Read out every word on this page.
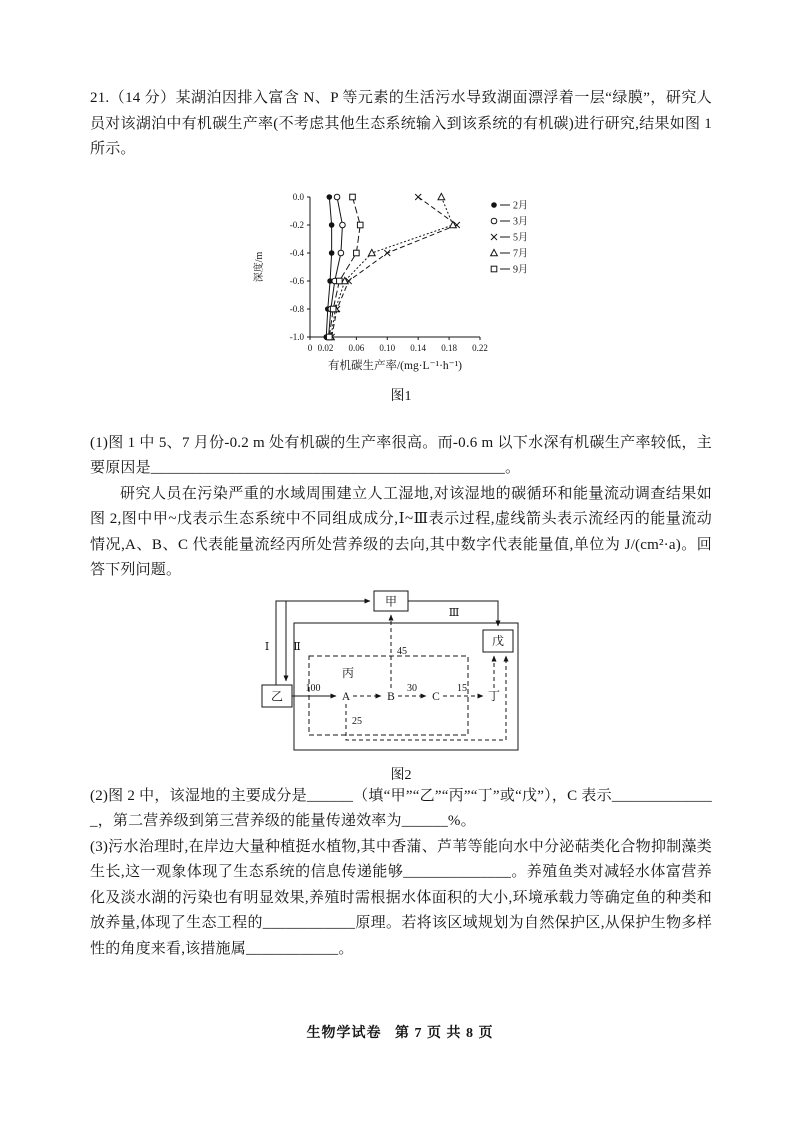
21.（14 分）某湖泊因排入富含 N、P 等元素的生活污水导致湖面漂浮着一层“绿膜”，研究人员对该湖泊中有机碳生产率(不考虑其他生态系统输入到该系统的有机碳)进行研究,结果如图 1 所示。

0.0
-0.2
-0.4
-0.6
-0.8
-1.0
0 0.02 0.06 0.10 0.14 0.18 0.22
2月
3月
5月
7月
9月
深度/m
有机碳生产率/(mg·L⁻¹·h⁻¹)
图1

(1)图 1 中 5、7 月份-0.2 m 处有机碳的生产率很高。而-0.6 m 以下水深有机碳生产率较低，主要原因是______________________________________________。

研究人员在污染严重的水域周围建立人工湿地,对该湿地的碳循环和能量流动调查结果如图 2,图中甲~戊表示生态系统中不同组成成分,Ⅰ~Ⅲ表示过程,虚线箭头表示流经丙的能量流动情况,A、B、C 代表能量流经丙所处营养级的去向,其中数字代表能量值,单位为 J/(cm²·a)。回答下列问题。

甲
乙
戊
丙
丁
A	B	C
Ⅰ Ⅱ
Ⅲ
100	30	15
45
25
图2

(2)图 2 中，该湿地的主要成分是______（填“甲”“乙”“丙”“丁”或“戊”），C 表示______________，第二营养级到第三营养级的能量传递效率为______%。

(3)污水治理时,在岸边大量种植挺水植物,其中香蒲、芦苇等能向水中分泌萜类化合物抑制藻类生长,这一观象体现了生态系统的信息传递能够______________。养殖鱼类对减轻水体富营养化及淡水湖的污染也有明显效果,养殖时需根据水体面积的大小,环境承载力等确定鱼的种类和放养量,体现了生态工程的____________原理。若将该区域规划为自然保护区,从保护生物多样性的角度来看,该措施属____________。

生物学试卷 第 7 页 共 8 页
